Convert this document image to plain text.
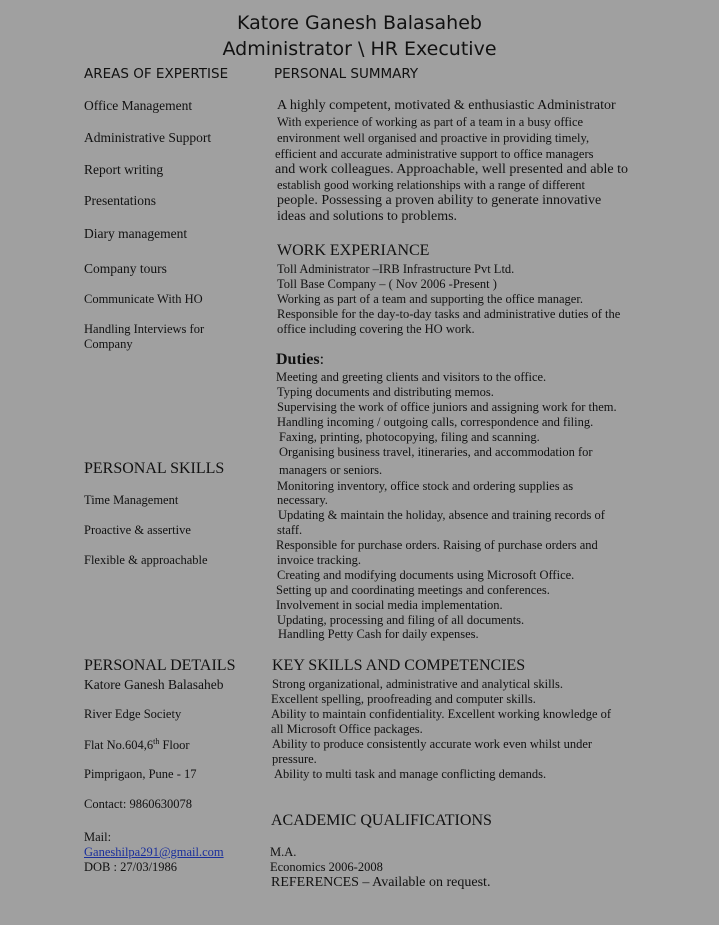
Katore Ganesh Balasaheb
Administrator \ HR Executive
AREAS OF EXPERTISE
Office Management
Administrative Support
Report writing
Presentations
Diary management
Company tours
Communicate With HO
Handling Interviews for
Company
PERSONAL SUMMARY
A highly competent, motivated & enthusiastic Administrator
With experience of working as part of a team in a busy office
environment well organised and proactive in providing timely,
efficient and accurate administrative support to office managers
and work colleagues. Approachable, well presented and able to
establish good working relationships with a range of different
people. Possessing a proven ability to generate innovative
ideas and solutions to problems.
WORK EXPERIANCE
Toll Administrator –IRB Infrastructure Pvt Ltd.
Toll Base Company – ( Nov 2006 -Present )
Working as part of a team and supporting the office manager.
Responsible for the day-to-day tasks and administrative duties of the
office including covering the HO work.
Duties:
Meeting and greeting clients and visitors to the office.
Typing documents and distributing memos.
Supervising the work of office juniors and assigning work for them.
Handling incoming / outgoing calls, correspondence and filing.
Faxing, printing, photocopying, filing and scanning.
Organising business travel, itineraries, and accommodation for
managers or seniors.
Monitoring inventory, office stock and ordering supplies as
necessary.
Updating & maintain the holiday, absence and training records of
staff.
Responsible for purchase orders. Raising of purchase orders and
invoice tracking.
Creating and modifying documents using Microsoft Office.
Setting up and coordinating meetings and conferences.
Involvement in social media implementation.
Updating, processing and filing of all documents.
Handling Petty Cash for daily expenses.
PERSONAL SKILLS
Time Management
Proactive & assertive
Flexible & approachable
PERSONAL DETAILS
Katore Ganesh Balasaheb
River Edge Society
Flat No.604,6th Floor
Pimprigaon, Pune - 17
Contact: 9860630078
Mail:
Ganeshilpa291@gmail.com
DOB : 27/03/1986
KEY SKILLS AND COMPETENCIES
Strong organizational, administrative and analytical skills.
Excellent spelling, proofreading and computer skills.
Ability to maintain confidentiality. Excellent working knowledge of
all Microsoft Office packages.
Ability to produce consistently accurate work even whilst under
pressure.
Ability to multi task and manage conflicting demands.
ACADEMIC QUALIFICATIONS
M.A.
Economics 2006-2008
REFERENCES – Available on request.
